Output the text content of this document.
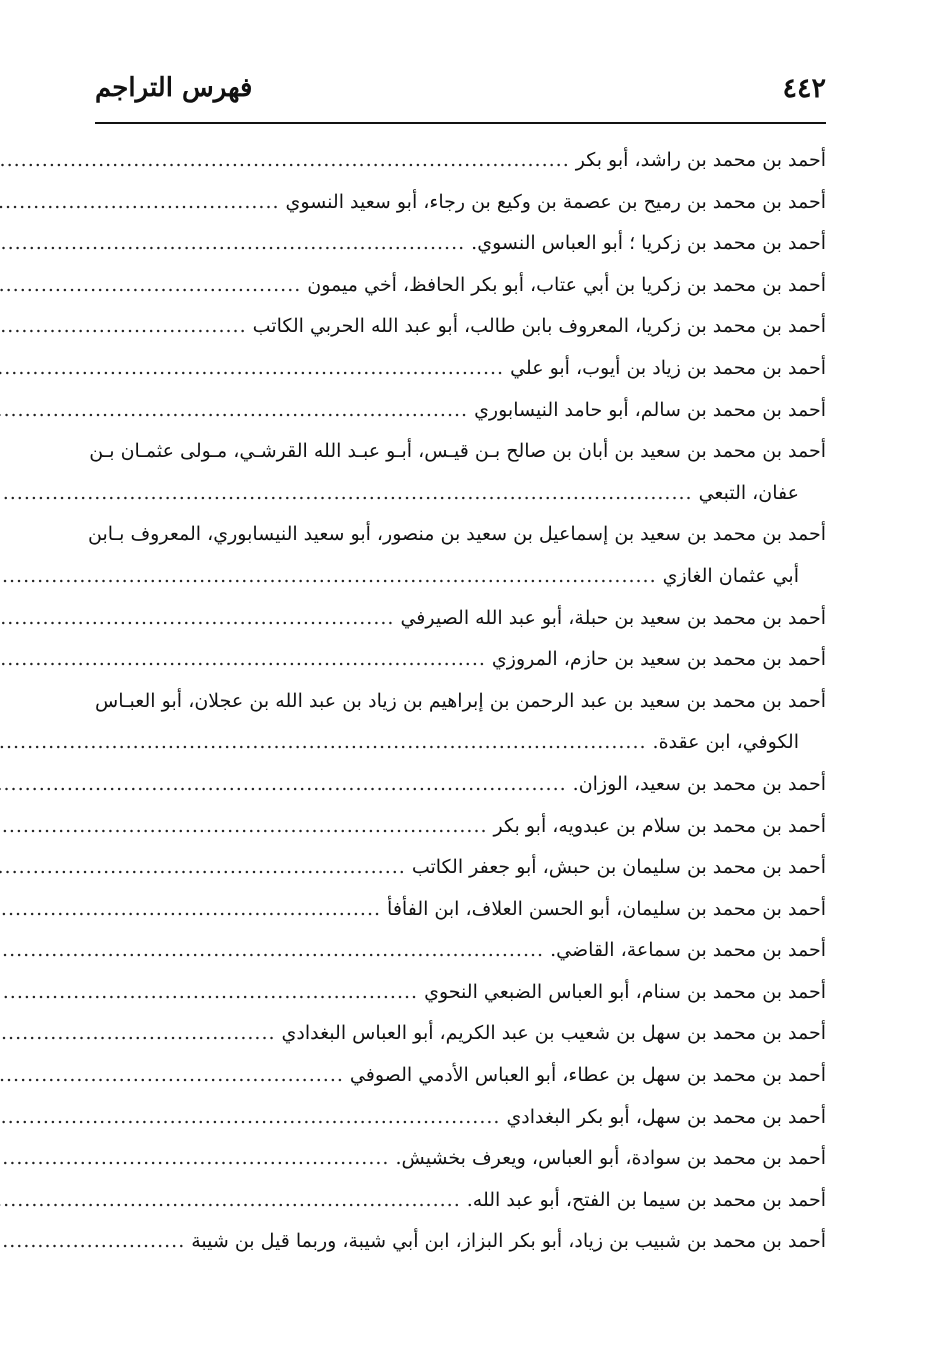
٤٤٢
فهرس التراجم
أحمد بن محمد بن راشد، أبو بكر
.....
أحمد بن محمد بن رميح بن عصمة بن وكيع بن رجاء، أبو سعيد النسوي
.....
أحمد بن محمد بن زكريا ؛ أبو العباس النسوي.
.....
أحمد بن محمد بن زكريا بن أبي عتاب، أبو بكر الحافظ، أخي ميمون
.....
أحمد بن محمد بن زكريا، المعروف بابن طالب، أبو عبد الله الحربي الكاتب
.....
أحمد بن محمد بن زياد بن أيوب، أبو علي
.....
أحمد بن محمد بن سالم، أبو حامد النيسابوري
.....
أحمد بن محمد بن سعيد بن أبان بن صالح بـن قيـس، أبـو عبـد الله القرشـي، مـولى عثمـان بـن
عفان، التبعي
.....
أحمد بن محمد بن سعيد بن إسماعيل بن سعيد بن منصور، أبو سعيد النيسابوري، المعروف بـابن
أبي عثمان الغازي
.....
أحمد بن محمد بن سعيد بن حبلة، أبو عبد الله الصيرفي
.....
أحمد بن محمد بن سعيد بن حازم، المروزي
.....
أحمد بن محمد بن سعيد بن عبد الرحمن بن إبراهيم بن زياد بن عبد الله بن عجلان، أبو العبـاس
الكوفي، ابن عقدة.
.....
أحمد بن محمد بن سعيد، الوزان.
.....
أحمد بن محمد بن سلام بن عبدويه، أبو بكر
.....
أحمد بن محمد بن سليمان بن حبش، أبو جعفر الكاتب
.....
أحمد بن محمد بن سليمان، أبو الحسن العلاف، ابن الفأفأ
.....
أحمد بن محمد بن سماعة، القاضي.
.....
أحمد بن محمد بن سنام، أبو العباس الضبعي النحوي
.....
أحمد بن محمد بن سهل بن شعيب بن عبد الكريم، أبو العباس البغدادي
.....
أحمد بن محمد بن سهل بن عطاء، أبو العباس الأدمي الصوفي
.....
أحمد بن محمد بن سهل، أبو بكر البغدادي
.....
أحمد بن محمد بن سوادة، أبو العباس، ويعرف بخشيش.
.....
أحمد بن محمد بن سيما بن الفتح، أبو عبد الله.
.....
أحمد بن محمد بن شبيب بن زياد، أبو بكر البزاز، ابن أبي شيبة، وربما قيل بن شيبة
.....
